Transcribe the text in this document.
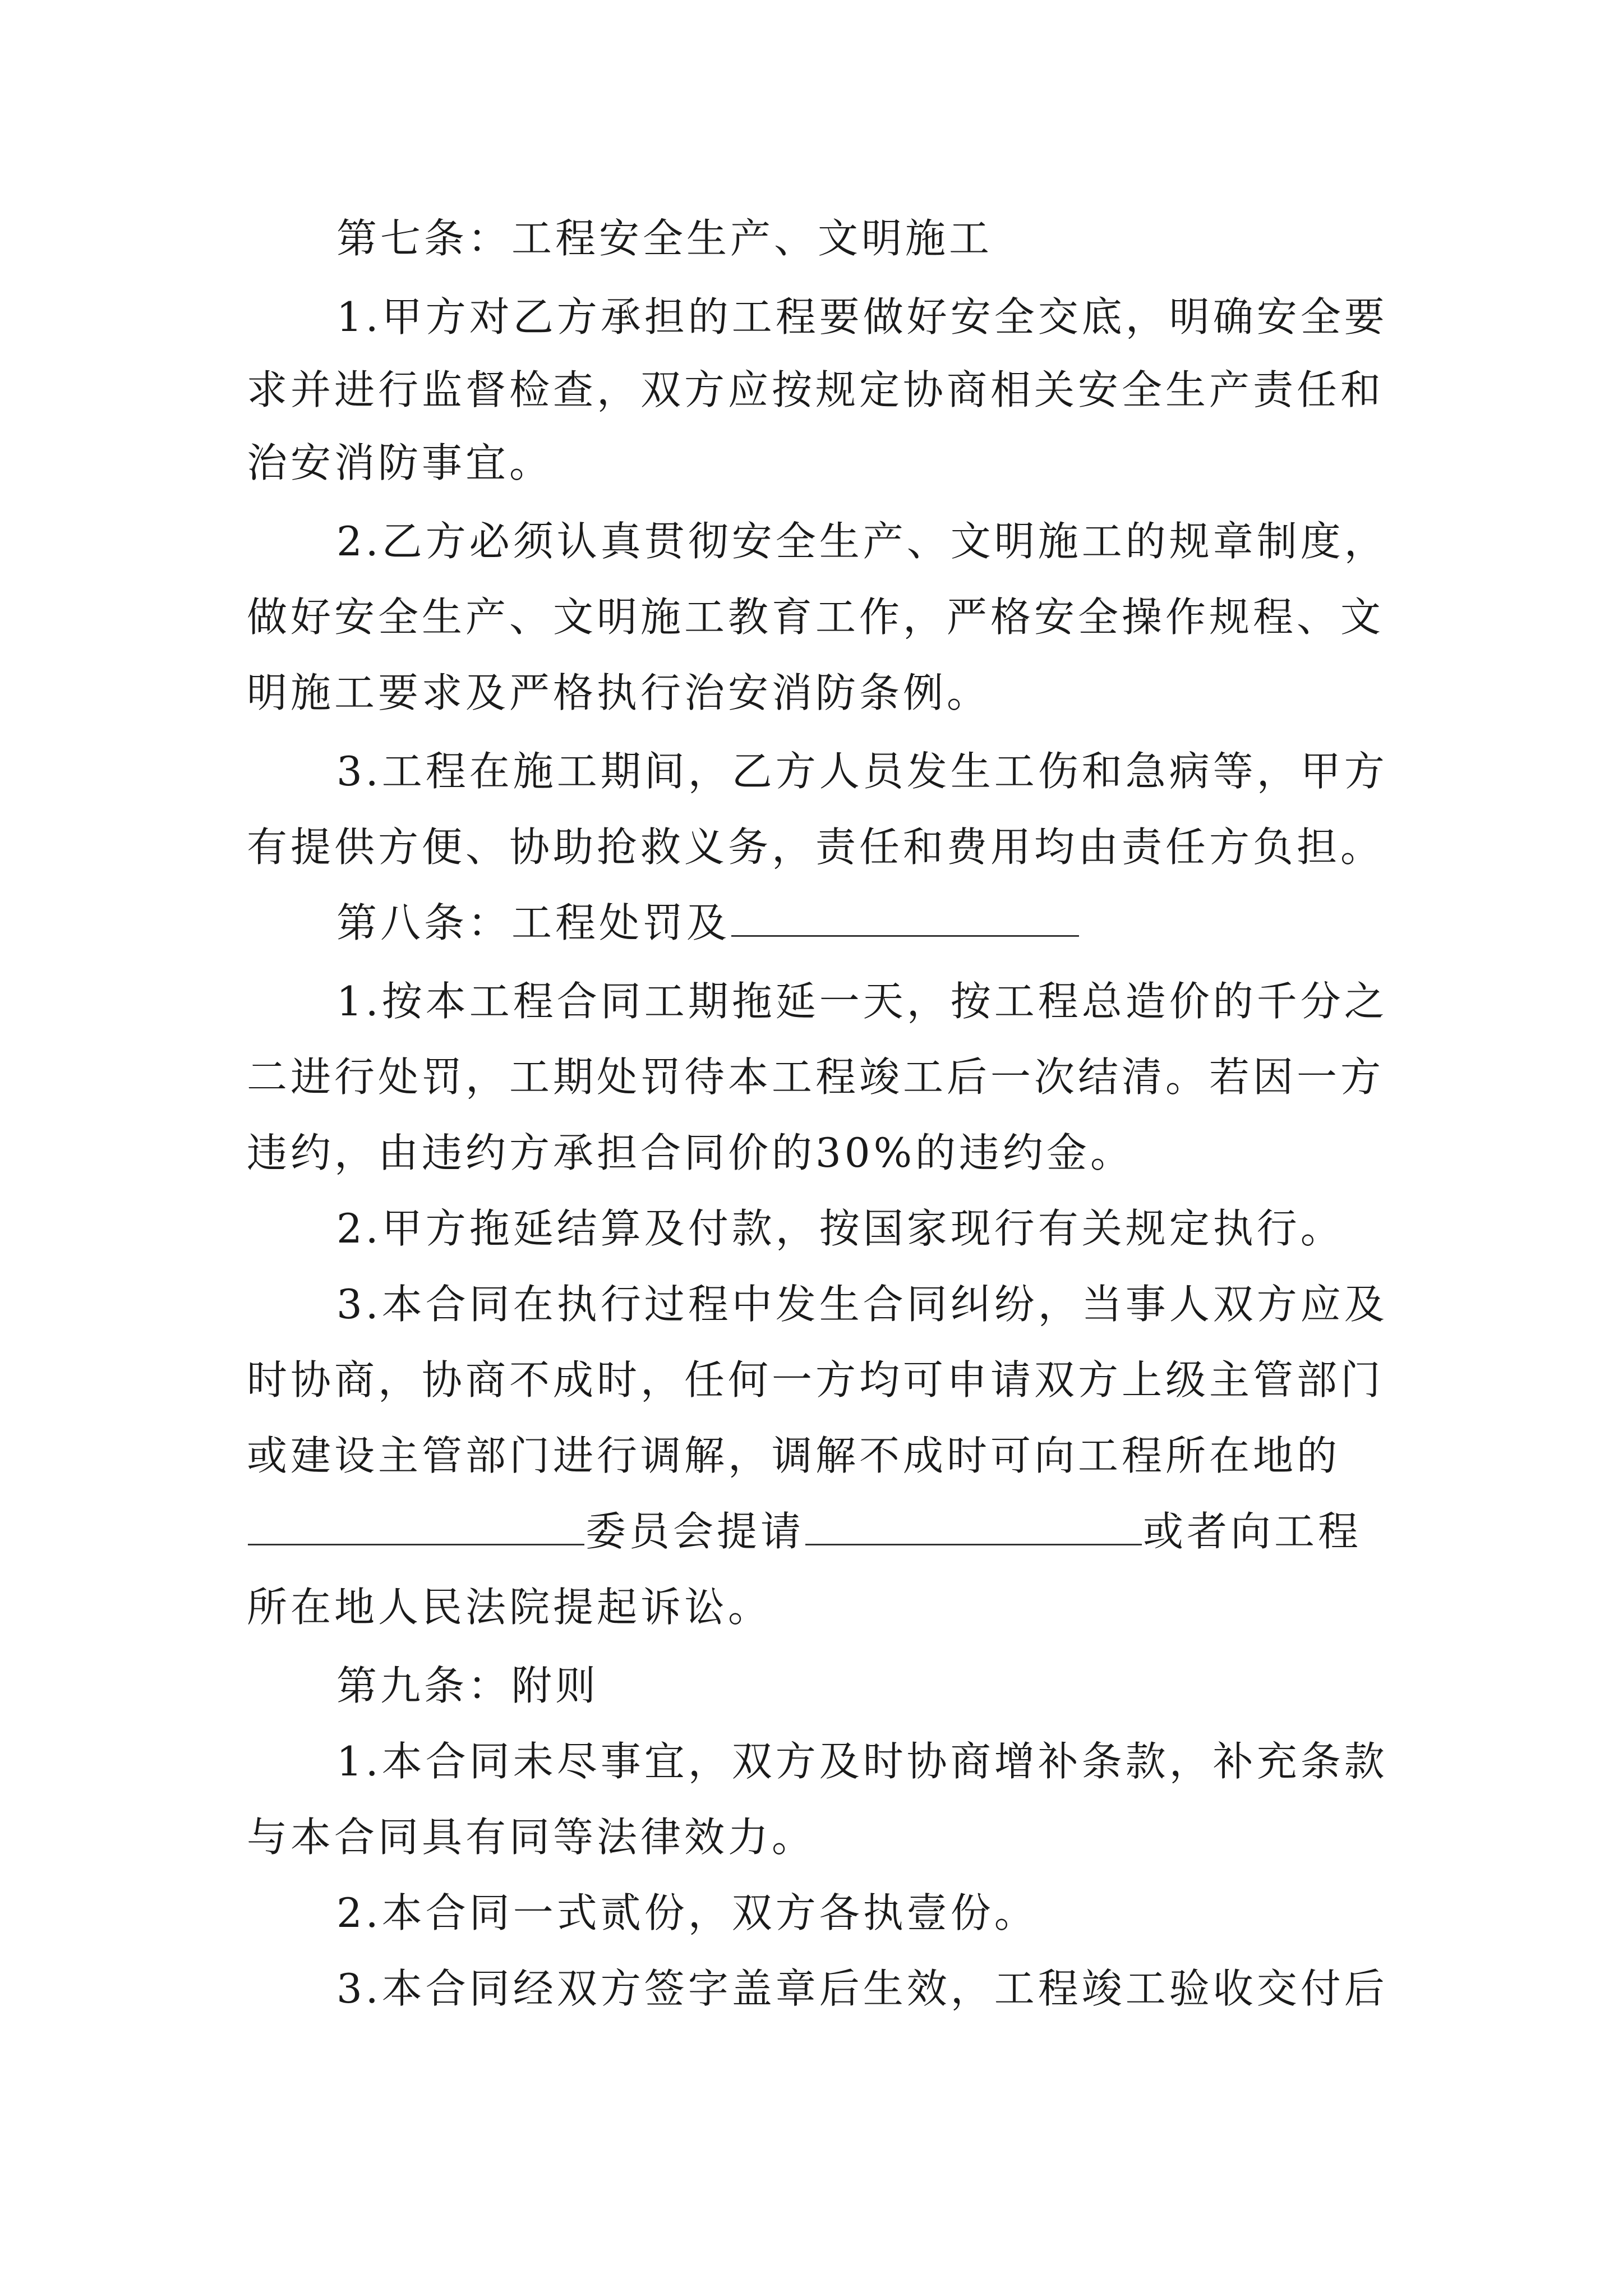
第七条：工程安全生产、文明施工
1.甲方对乙方承担的工程要做好安全交底，明确安全要
求并进行监督检查，双方应按规定协商相关安全生产责任和
治安消防事宜。
2.乙方必须认真贯彻安全生产、文明施工的规章制度，
做好安全生产、文明施工教育工作，严格安全操作规程、文
明施工要求及严格执行治安消防条例。
3.工程在施工期间，乙方人员发生工伤和急病等，甲方
有提供方便、协助抢救义务，责任和费用均由责任方负担。
第八条：工程处罚及
1.按本工程合同工期拖延一天，按工程总造价的千分之
二进行处罚，工期处罚待本工程竣工后一次结清。若因一方
违约，由违约方承担合同价的30%的违约金。
2.甲方拖延结算及付款，按国家现行有关规定执行。
3.本合同在执行过程中发生合同纠纷，当事人双方应及
时协商，协商不成时，任何一方均可申请双方上级主管部门
或建设主管部门进行调解，调解不成时可向工程所在地的
委员会提请	或者向工程
所在地人民法院提起诉讼。
第九条：附则
1.本合同未尽事宜，双方及时协商增补条款，补充条款
与本合同具有同等法律效力。
2.本合同一式贰份，双方各执壹份。
3.本合同经双方签字盖章后生效，工程竣工验收交付后
